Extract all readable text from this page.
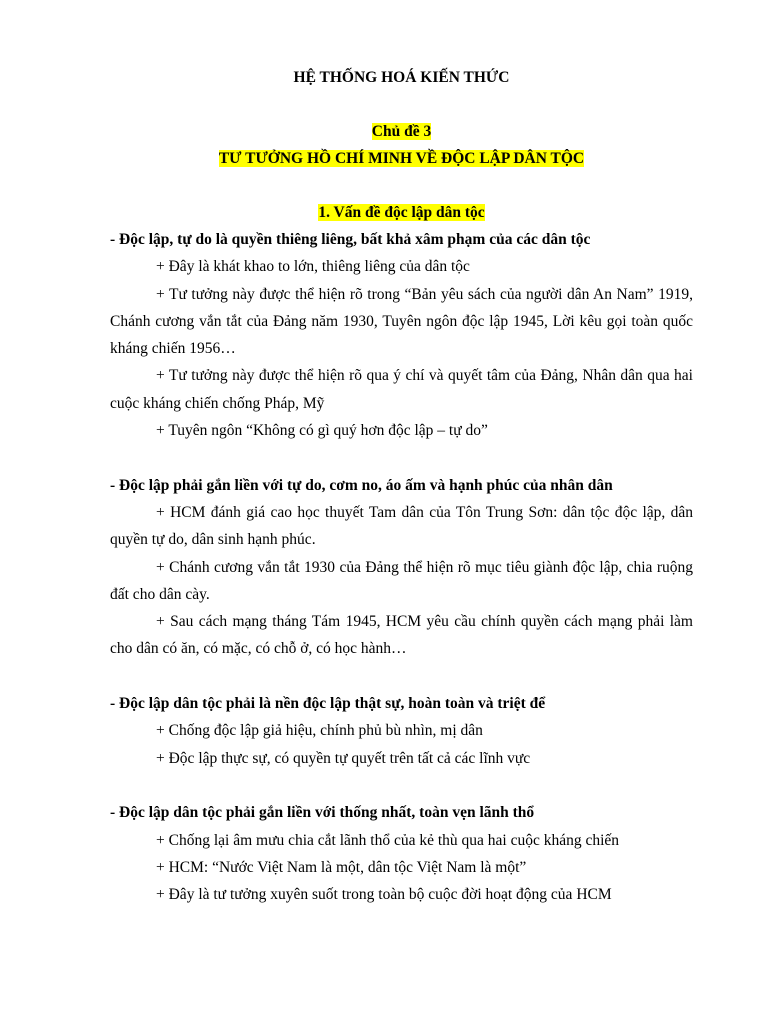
HỆ THỐNG HOÁ KIẾN THỨC

Chủ đề 3

TƯ TƯỞNG HỒ CHÍ MINH VỀ ĐỘC LẬP DÂN TỘC

1. Vấn đề độc lập dân tộc

- Độc lập, tự do là quyền thiêng liêng, bất khả xâm phạm của các dân tộc

+ Đây là khát khao to lớn, thiêng liêng của dân tộc

+ Tư tưởng này được thể hiện rõ trong “Bản yêu sách của người dân An Nam” 1919, Chánh cương vắn tắt của Đảng năm 1930, Tuyên ngôn độc lập 1945, Lời kêu gọi toàn quốc kháng chiến 1956…

+ Tư tưởng này được thể hiện rõ qua ý chí và quyết tâm của Đảng, Nhân dân qua hai cuộc kháng chiến chống Pháp, Mỹ

+ Tuyên ngôn “Không có gì quý hơn độc lập – tự do”

- Độc lập phải gắn liền với tự do, cơm no, áo ấm và hạnh phúc của nhân dân

+ HCM đánh giá cao học thuyết Tam dân của Tôn Trung Sơn: dân tộc độc lập, dân quyền tự do, dân sinh hạnh phúc.

+ Chánh cương vắn tắt 1930 của Đảng thể hiện rõ mục tiêu giành độc lập, chia ruộng đất cho dân cày.

+ Sau cách mạng tháng Tám 1945, HCM yêu cầu chính quyền cách mạng phải làm cho dân có ăn, có mặc, có chỗ ở, có học hành…

- Độc lập dân tộc phải là nền độc lập thật sự, hoàn toàn và triệt để

+ Chống độc lập giả hiệu, chính phủ bù nhìn, mị dân

+ Độc lập thực sự, có quyền tự quyết trên tất cả các lĩnh vực

- Độc lập dân tộc phải gắn liền với thống nhất, toàn vẹn lãnh thổ

+ Chống lại âm mưu chia cắt lãnh thổ của kẻ thù qua hai cuộc kháng chiến

+ HCM: “Nước Việt Nam là một, dân tộc Việt Nam là một”

+ Đây là tư tưởng xuyên suốt trong toàn bộ cuộc đời hoạt động của HCM
